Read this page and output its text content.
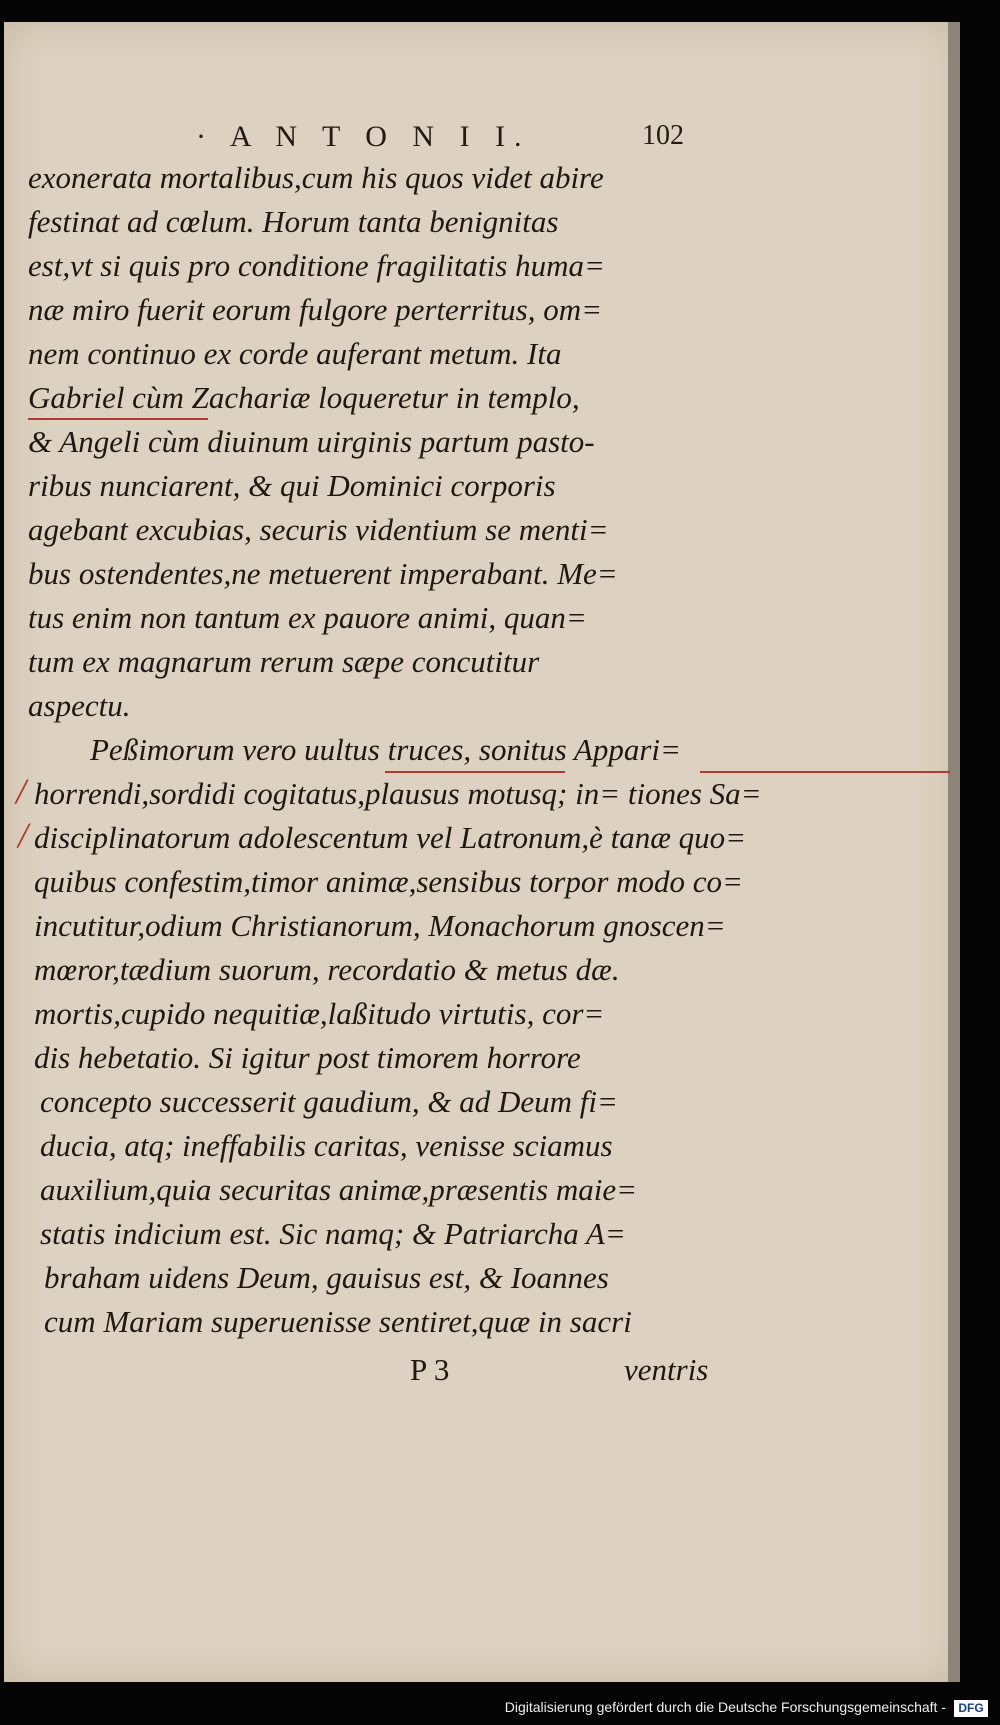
· A N T O N I I.	102
exonerata mortalibus,cum his quos videt abire
festinat ad cœlum. Horum tanta benignitas
est,vt si quis pro conditione fragilitatis huma=
næ miro fuerit eorum fulgore perterritus, om=
nem continuo ex corde auferant metum. Ita
Gabriel cùm Zachariæ loqueretur in templo,
& Angeli cùm diuinum uirginis partum pasto-
ribus nunciarent, & qui Dominici corporis
agebant excubias, securis videntium se menti=
bus ostendentes,ne metuerent imperabant. Me=
tus enim non tantum ex pauore animi, quan=
tum ex magnarum rerum sæpe concutitur
aspectu.
Peßimorum vero uultus truces, sonitus Appari=
horrendi,sordidi cogitatus,plausus motusq; in= tiones Sa=
disciplinatorum adolescentum vel Latronum,è tanæ quo=
quibus confestim,timor animæ,sensibus torpor modo co=
incutitur,odium Christianorum, Monachorum gnoscen=
mœror,tædium suorum, recordatio & metus dæ.
mortis,cupido nequitiæ,laßitudo virtutis, cor=
dis hebetatio. Si igitur post timorem horrore
concepto successerit gaudium, & ad Deum fi=
ducia, atq; ineffabilis caritas, venisse sciamus
auxilium,quia securitas animæ,præsentis maie=
statis indicium est. Sic namq; & Patriarcha A=
braham uidens Deum, gauisus est, & Ioannes
cum Mariam superuenisse sentiret,quæ in sacri
P 3	ventris
/
/
Digitalisierung gefördert durch die Deutsche Forschungsgemeinschaft -	DFG
